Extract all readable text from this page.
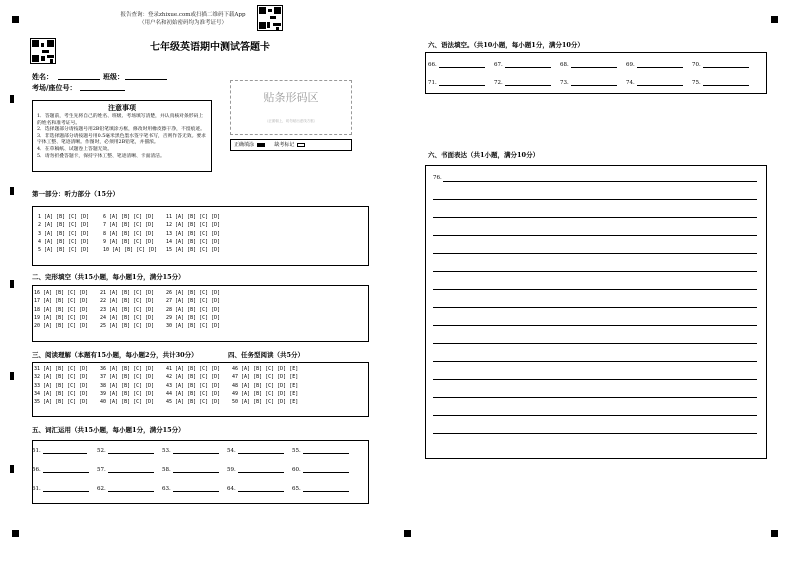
报告查询：登录zhixue.com或扫描二维码下载App
（用户名和初始密码均为准考证号）
七年级英语期中测试答题卡
姓名：	班级：
考场/座位号：
注意事项

1．答题前，考生先将自己的姓名、班级、考场填写清楚，并认真核对条形码上的姓名和准考证号。

2．选择题部分请按题号用2B铅笔填涂方框，修改时用橡皮擦干净，不留痕迹。

3．非选择题部分请按题号用0.5毫米黑色墨水签字笔书写，否则作答无效。要求字体工整、笔迹清晰。作图时，必须用2B铅笔，并描浓。

4．在草稿纸、试题卷上答题无效。

5．请勿折叠答题卡，保持字体工整、笔迹清晰、卡面清洁。

贴条形码区
（正面朝上，切勿贴出虚线方框）
正确填涂	缺考标记
第一部分：听力部分（15分）
1 [A] [B] [C] [D]
2 [A] [B] [C] [D]
3 [A] [B] [C] [D]
4 [A] [B] [C] [D]
5 [A] [B] [C] [D]
6 [A] [B] [C] [D]
7 [A] [B] [C] [D]
8 [A] [B] [C] [D]
9 [A] [B] [C] [D]
10 [A] [B] [C] [D]
11 [A] [B] [C] [D]
12 [A] [B] [C] [D]
13 [A] [B] [C] [D]
14 [A] [B] [C] [D]
15 [A] [B] [C] [D]
二、完形填空（共15小题，每小题1分，满分15分）
16 [A] [B] [C] [D]
17 [A] [B] [C] [D]
18 [A] [B] [C] [D]
19 [A] [B] [C] [D]
20 [A] [B] [C] [D]
21 [A] [B] [C] [D]
22 [A] [B] [C] [D]
23 [A] [B] [C] [D]
24 [A] [B] [C] [D]
25 [A] [B] [C] [D]
26 [A] [B] [C] [D]
27 [A] [B] [C] [D]
28 [A] [B] [C] [D]
29 [A] [B] [C] [D]
30 [A] [B] [C] [D]
三、阅读理解（本题有15小题，每小题2分，共计30分）	四、任务型阅读（共5分）
31 [A] [B] [C] [D]
32 [A] [B] [C] [D]
33 [A] [B] [C] [D]
34 [A] [B] [C] [D]
35 [A] [B] [C] [D]
36 [A] [B] [C] [D]
37 [A] [B] [C] [D]
38 [A] [B] [C] [D]
39 [A] [B] [C] [D]
40 [A] [B] [C] [D]
41 [A] [B] [C] [D]
42 [A] [B] [C] [D]
43 [A] [B] [C] [D]
44 [A] [B] [C] [D]
45 [A] [B] [C] [D]
46 [A] [B] [C] [D] [E]
47 [A] [B] [C] [D] [E]
48 [A] [B] [C] [D] [E]
49 [A] [B] [C] [D] [E]
50 [A] [B] [C] [D] [E]
五、词汇运用（共15小题，每小题1分，满分15分）
51.	52.	53.	54.	55.
56.	57.	58.	59.	60.
61.	62.	63.	64.	65.
六、语法填空。（共10小题，每小题1分，满分10分）
66.	67.	68.	69.	70.
71.	72.	73.	74.	75.
六、书面表达（共1小题，满分10分）
76.
